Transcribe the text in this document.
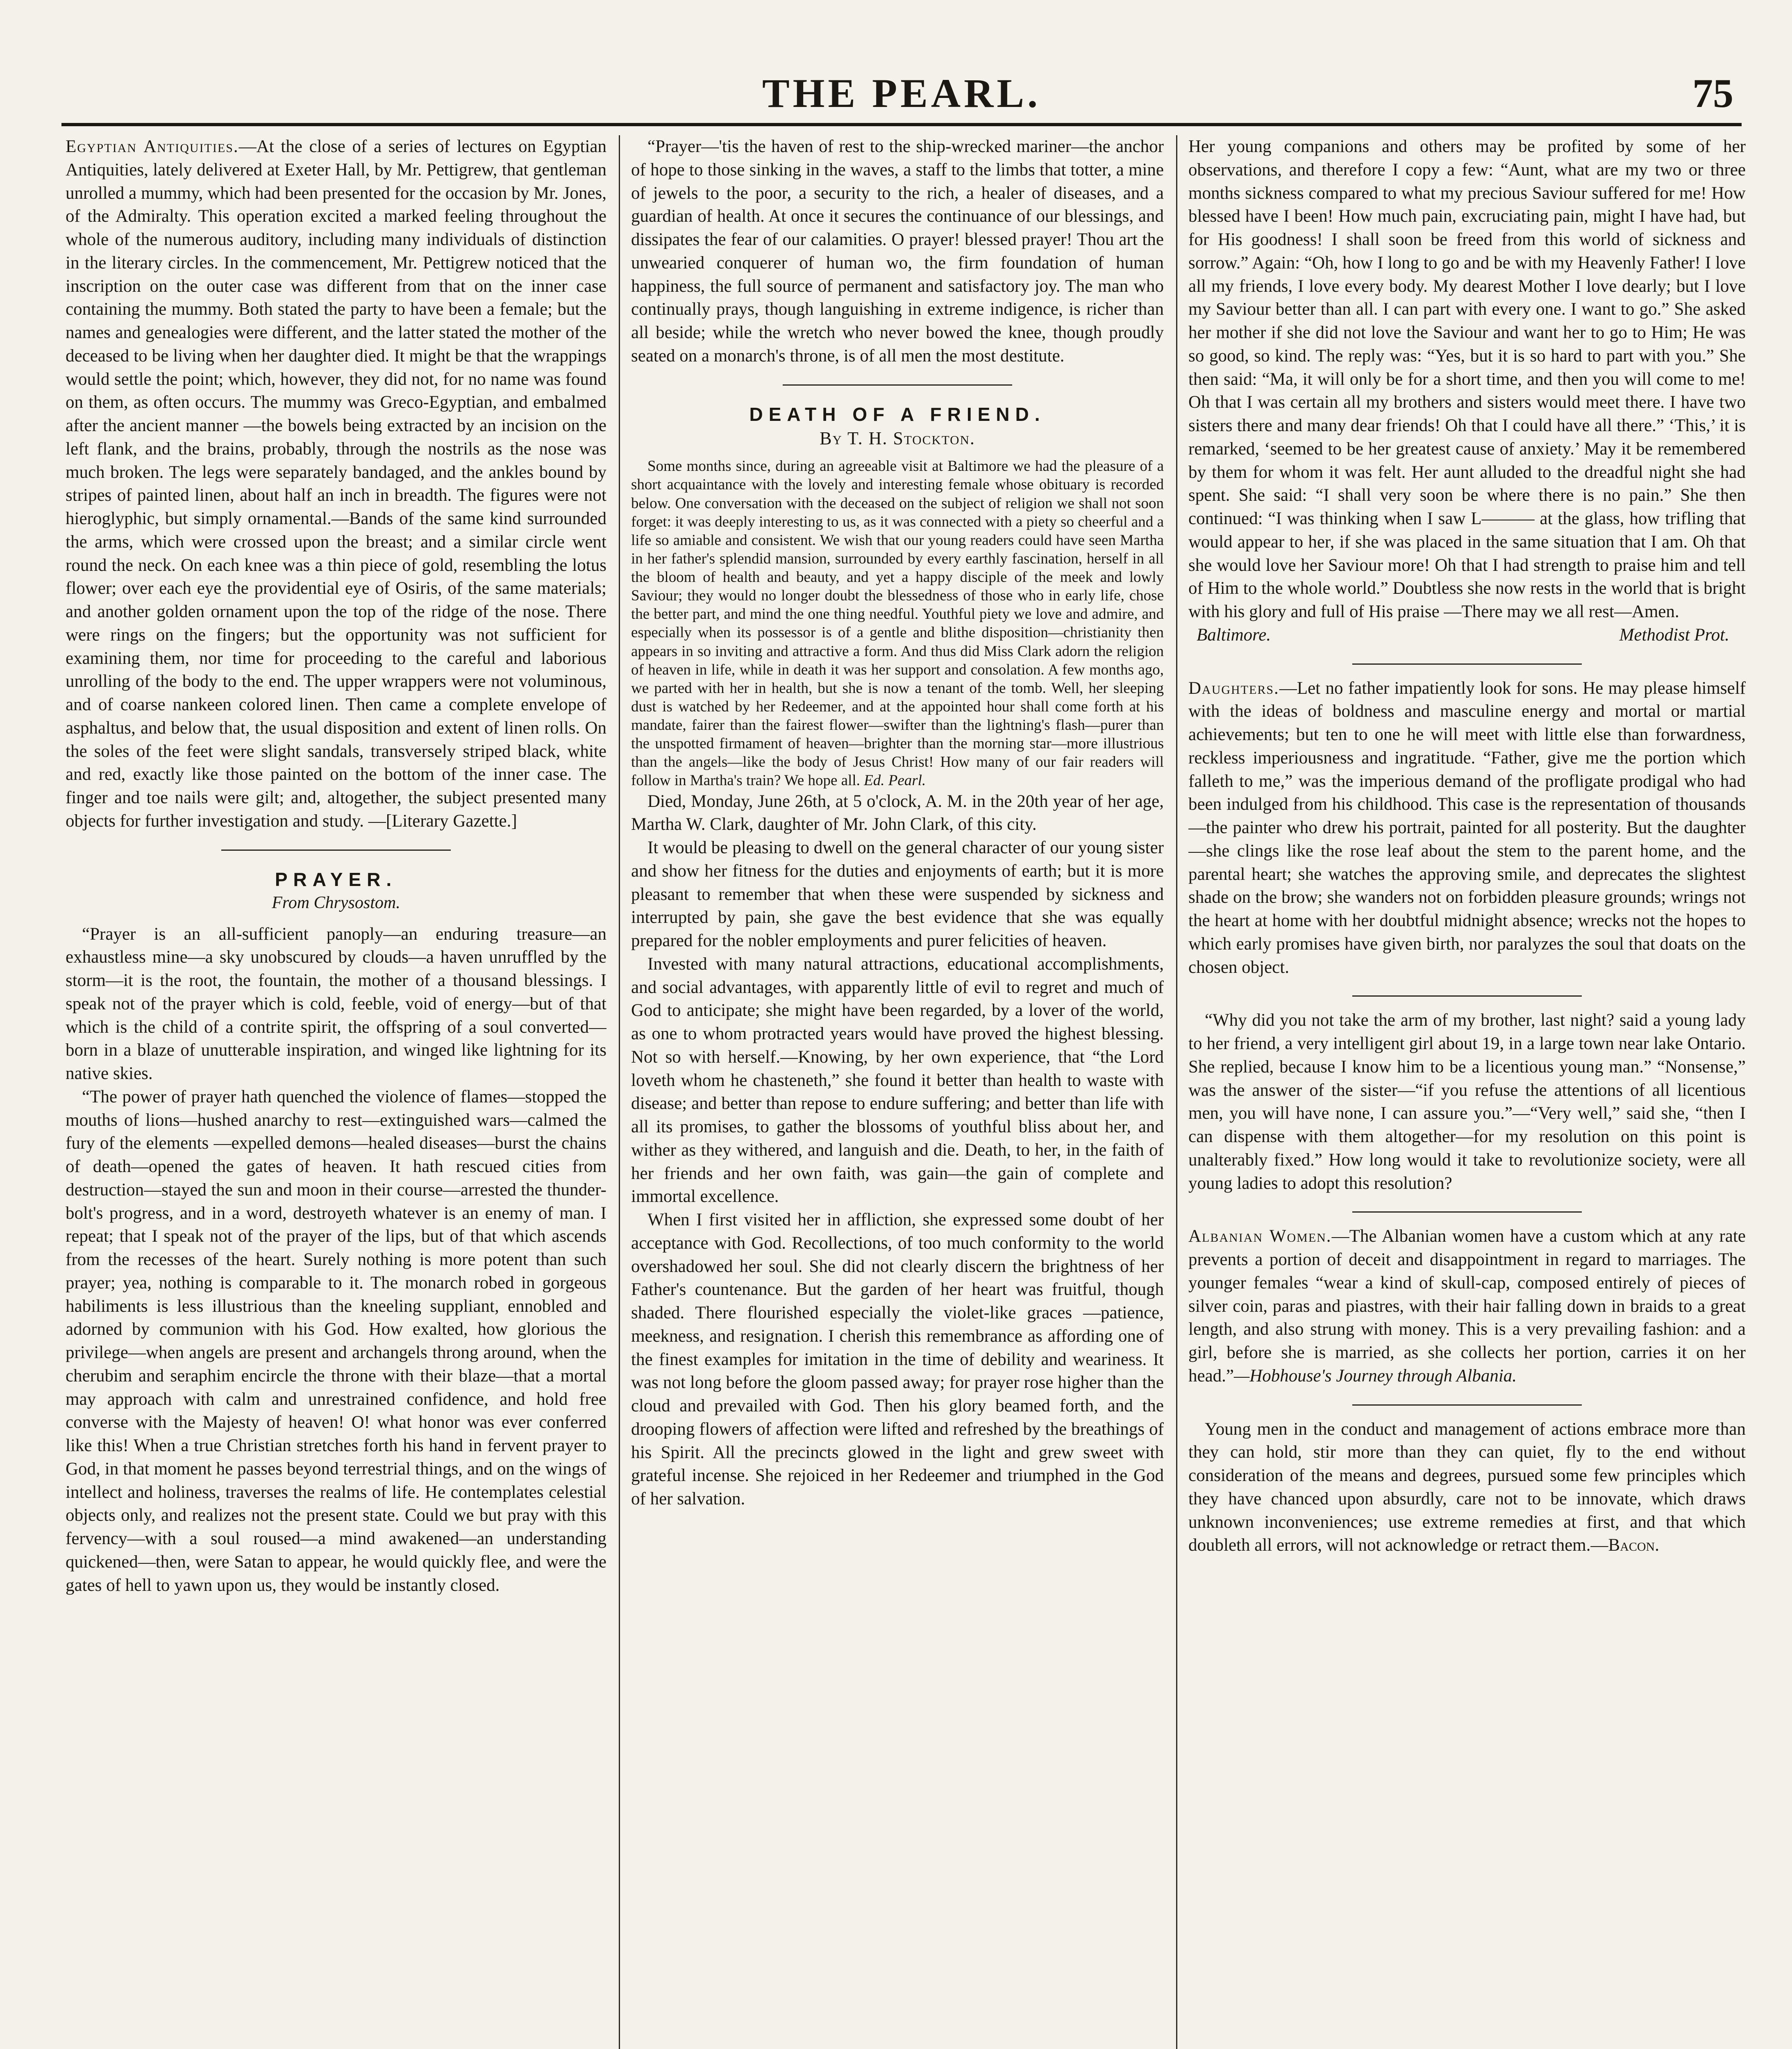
THE PEARL.	75

Egyptian Antiquities.—At the close of a series of lectures on Egyptian Antiquities, lately delivered at Exeter Hall, by Mr. Pettigrew, that gentleman unrolled a mummy, which had been presented for the occasion by Mr. Jones, of the Admiralty. This operation excited a marked feeling throughout the whole of the numerous auditory, including many individuals of distinction in the literary circles. In the commencement, Mr. Pettigrew noticed that the inscription on the outer case was different from that on the inner case containing the mummy. Both stated the party to have been a female; but the names and genealogies were different, and the latter stated the mother of the deceased to be living when her daughter died. It might be that the wrappings would settle the point; which, however, they did not, for no name was found on them, as often occurs. The mummy was Greco-Egyptian, and embalmed after the ancient manner —the bowels being extracted by an incision on the left flank, and the brains, probably, through the nostrils as the nose was much broken. The legs were separately bandaged, and the ankles bound by stripes of painted linen, about half an inch in breadth. The figures were not hieroglyphic, but simply ornamental.—Bands of the same kind surrounded the arms, which were crossed upon the breast; and a similar circle went round the neck. On each knee was a thin piece of gold, resembling the lotus flower; over each eye the providential eye of Osiris, of the same materials; and another golden ornament upon the top of the ridge of the nose. There were rings on the fingers; but the opportunity was not sufficient for examining them, nor time for proceeding to the careful and laborious unrolling of the body to the end. The upper wrappers were not voluminous, and of coarse nankeen colored linen. Then came a complete envelope of asphaltus, and below that, the usual disposition and extent of linen rolls. On the soles of the feet were slight sandals, transversely striped black, white and red, exactly like those painted on the bottom of the inner case. The finger and toe nails were gilt; and, altogether, the subject presented many objects for further investigation and study. —[Literary Gazette.]

PRAYER.
From Chrysostom.

“Prayer is an all-sufficient panoply—an enduring treasure—an exhaustless mine—a sky unobscured by clouds—a haven unruffled by the storm—it is the root, the fountain, the mother of a thousand blessings. I speak not of the prayer which is cold, feeble, void of energy—but of that which is the child of a contrite spirit, the offspring of a soul converted—born in a blaze of unutterable inspiration, and winged like lightning for its native skies.

“The power of prayer hath quenched the violence of flames—stopped the mouths of lions—hushed anarchy to rest—extinguished wars—calmed the fury of the elements —expelled demons—healed diseases—burst the chains of death—opened the gates of heaven. It hath rescued cities from destruction—stayed the sun and moon in their course—arrested the thunder-bolt's progress, and in a word, destroyeth whatever is an enemy of man. I repeat; that I speak not of the prayer of the lips, but of that which ascends from the recesses of the heart. Surely nothing is more potent than such prayer; yea, nothing is comparable to it. The monarch robed in gorgeous habiliments is less illustrious than the kneeling suppliant, ennobled and adorned by communion with his God. How exalted, how glorious the privilege—when angels are present and archangels throng around, when the cherubim and seraphim encircle the throne with their blaze—that a mortal may approach with calm and unrestrained confidence, and hold free converse with the Majesty of heaven! O! what honor was ever conferred like this! When a true Christian stretches forth his hand in fervent prayer to God, in that moment he passes beyond terrestrial things, and on the wings of intellect and holiness, traverses the realms of life. He contemplates celestial objects only, and realizes not the present state. Could we but pray with this fervency—with a soul roused—a mind awakened—an understanding quickened—then, were Satan to appear, he would quickly flee, and were the gates of hell to yawn upon us, they would be instantly closed.

“Prayer—'tis the haven of rest to the ship-wrecked mariner—the anchor of hope to those sinking in the waves, a staff to the limbs that totter, a mine of jewels to the poor, a security to the rich, a healer of diseases, and a guardian of health. At once it secures the continuance of our blessings, and dissipates the fear of our calamities. O prayer! blessed prayer! Thou art the unwearied conquerer of human wo, the firm foundation of human happiness, the full source of permanent and satisfactory joy. The man who continually prays, though languishing in extreme indigence, is richer than all beside; while the wretch who never bowed the knee, though proudly seated on a monarch's throne, is of all men the most destitute.

DEATH OF A FRIEND.
By T. H. Stockton.

Some months since, during an agreeable visit at Baltimore we had the pleasure of a short acquaintance with the lovely and interesting female whose obituary is recorded below. One conversation with the deceased on the subject of religion we shall not soon forget: it was deeply interesting to us, as it was connected with a piety so cheerful and a life so amiable and consistent. We wish that our young readers could have seen Martha in her father's splendid mansion, surrounded by every earthly fascination, herself in all the bloom of health and beauty, and yet a happy disciple of the meek and lowly Saviour; they would no longer doubt the blessedness of those who in early life, chose the better part, and mind the one thing needful. Youthful piety we love and admire, and especially when its possessor is of a gentle and blithe disposition—christianity then appears in so inviting and attractive a form. And thus did Miss Clark adorn the religion of heaven in life, while in death it was her support and consolation. A few months ago, we parted with her in health, but she is now a tenant of the tomb. Well, her sleeping dust is watched by her Redeemer, and at the appointed hour shall come forth at his mandate, fairer than the fairest flower—swifter than the lightning's flash—purer than the unspotted firmament of heaven—brighter than the morning star—more illustrious than the angels—like the body of Jesus Christ! How many of our fair readers will follow in Martha's train? We hope all. Ed. Pearl.

Died, Monday, June 26th, at 5 o'clock, A. M. in the 20th year of her age, Martha W. Clark, daughter of Mr. John Clark, of this city.

It would be pleasing to dwell on the general character of our young sister and show her fitness for the duties and enjoyments of earth; but it is more pleasant to remember that when these were suspended by sickness and interrupted by pain, she gave the best evidence that she was equally prepared for the nobler employments and purer felicities of heaven.

Invested with many natural attractions, educational accomplishments, and social advantages, with apparently little of evil to regret and much of God to anticipate; she might have been regarded, by a lover of the world, as one to whom protracted years would have proved the highest blessing. Not so with herself.—Knowing, by her own experience, that “the Lord loveth whom he chasteneth,” she found it better than health to waste with disease; and better than repose to endure suffering; and better than life with all its promises, to gather the blossoms of youthful bliss about her, and wither as they withered, and languish and die. Death, to her, in the faith of her friends and her own faith, was gain—the gain of complete and immortal excellence.

When I first visited her in affliction, she expressed some doubt of her acceptance with God. Recollections, of too much conformity to the world overshadowed her soul. She did not clearly discern the brightness of her Father's countenance. But the garden of her heart was fruitful, though shaded. There flourished especially the violet-like graces —patience, meekness, and resignation. I cherish this remembrance as affording one of the finest examples for imitation in the time of debility and weariness. It was not long before the gloom passed away; for prayer rose higher than the cloud and prevailed with God. Then his glory beamed forth, and the drooping flowers of affection were lifted and refreshed by the breathings of his Spirit. All the precincts glowed in the light and grew sweet with grateful incense. She rejoiced in her Redeemer and triumphed in the God of her salvation.

Her young companions and others may be profited by some of her observations, and therefore I copy a few: “Aunt, what are my two or three months sickness compared to what my precious Saviour suffered for me! How blessed have I been! How much pain, excruciating pain, might I have had, but for His goodness! I shall soon be freed from this world of sickness and sorrow.” Again: “Oh, how I long to go and be with my Heavenly Father! I love all my friends, I love every body. My dearest Mother I love dearly; but I love my Saviour better than all. I can part with every one. I want to go.” She asked her mother if she did not love the Saviour and want her to go to Him; He was so good, so kind. The reply was: “Yes, but it is so hard to part with you.” She then said: “Ma, it will only be for a short time, and then you will come to me! Oh that I was certain all my brothers and sisters would meet there. I have two sisters there and many dear friends! Oh that I could have all there.” ‘This,’ it is remarked, ‘seemed to be her greatest cause of anxiety.’ May it be remembered by them for whom it was felt. Her aunt alluded to the dreadful night she had spent. She said: “I shall very soon be where there is no pain.” She then continued: “I was thinking when I saw L——— at the glass, how trifling that would appear to her, if she was placed in the same situation that I am. Oh that she would love her Saviour more! Oh that I had strength to praise him and tell of Him to the whole world.” Doubtless she now rests in the world that is bright with his glory and full of His praise —There may we all rest—Amen.

Baltimore.	Methodist Prot.

Daughters.—Let no father impatiently look for sons. He may please himself with the ideas of boldness and masculine energy and mortal or martial achievements; but ten to one he will meet with little else than forwardness, reckless imperiousness and ingratitude. “Father, give me the portion which falleth to me,” was the imperious demand of the profligate prodigal who had been indulged from his childhood. This case is the representation of thousands—the painter who drew his portrait, painted for all posterity. But the daughter—she clings like the rose leaf about the stem to the parent home, and the parental heart; she watches the approving smile, and deprecates the slightest shade on the brow; she wanders not on forbidden pleasure grounds; wrings not the heart at home with her doubtful midnight absence; wrecks not the hopes to which early promises have given birth, nor paralyzes the soul that doats on the chosen object.

“Why did you not take the arm of my brother, last night? said a young lady to her friend, a very intelligent girl about 19, in a large town near lake Ontario. She replied, because I know him to be a licentious young man.” “Nonsense,” was the answer of the sister—“if you refuse the attentions of all licentious men, you will have none, I can assure you.”—“Very well,” said she, “then I can dispense with them altogether—for my resolution on this point is unalterably fixed.” How long would it take to revolutionize society, were all young ladies to adopt this resolution?

Albanian Women.—The Albanian women have a custom which at any rate prevents a portion of deceit and disappointment in regard to marriages. The younger females “wear a kind of skull-cap, composed entirely of pieces of silver coin, paras and piastres, with their hair falling down in braids to a great length, and also strung with money. This is a very prevailing fashion: and a girl, before she is married, as she collects her portion, carries it on her head.”—Hobhouse's Journey through Albania.

Young men in the conduct and management of actions embrace more than they can hold, stir more than they can quiet, fly to the end without consideration of the means and degrees, pursued some few principles which they have chanced upon absurdly, care not to be innovate, which draws unknown inconveniences; use extreme remedies at first, and that which doubleth all errors, will not acknowledge or retract them.—Bacon.
